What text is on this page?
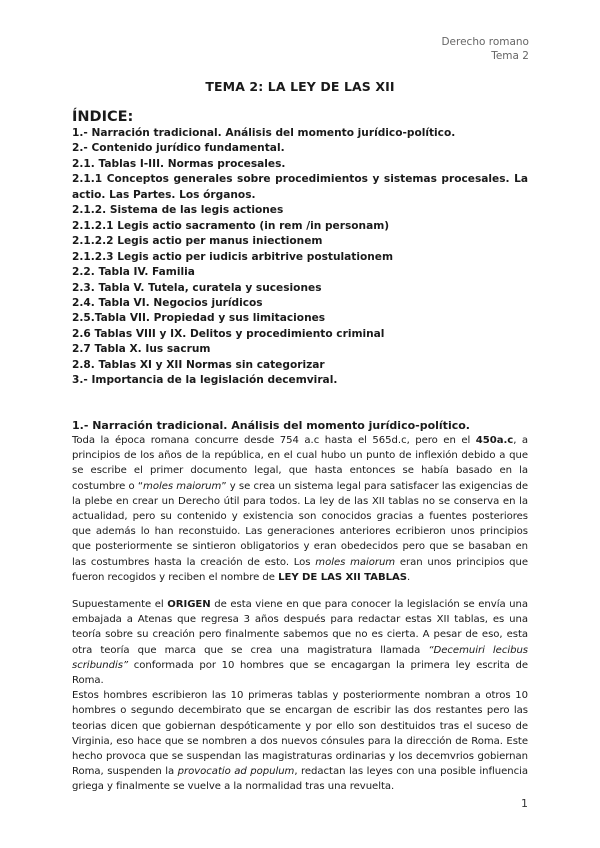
Derecho romano
Tema 2
TEMA 2: LA LEY DE LAS XII
ÍNDICE:
1.- Narración tradicional. Análisis del momento jurídico-político.
2.- Contenido jurídico fundamental.
2.1. Tablas I-III. Normas procesales.
2.1.1 Conceptos generales sobre procedimientos y sistemas procesales. La actio. Las Partes. Los órganos.
2.1.2. Sistema de las legis actiones
2.1.2.1 Legis actio sacramento (in rem /in personam)
2.1.2.2 Legis actio per manus iniectionem
2.1.2.3 Legis actio per iudicis arbitrive postulationem
2.2. Tabla IV. Familia
2.3. Tabla V. Tutela, curatela y sucesiones
2.4. Tabla VI. Negocios jurídicos
2.5.Tabla VII. Propiedad y sus limitaciones
2.6 Tablas VIII y IX. Delitos y procedimiento criminal
2.7 Tabla X. Ius sacrum
2.8. Tablas XI y XII Normas sin categorizar
3.- Importancia de la legislación decemviral.
1.- Narración tradicional. Análisis del momento jurídico-político.

Toda la época romana concurre desde 754 a.c hasta el 565d.c, pero en el 450a.c, a principios de los años de la república, en el cual hubo un punto de inflexión debido a que se escribe el primer documento legal, que hasta entonces se había basado en la costumbre o “moles maiorum” y se crea un sistema legal para satisfacer las exigencias de la plebe en crear un Derecho útil para todos. La ley de las XII tablas no se conserva en la actualidad, pero su contenido y existencia son conocidos gracias a fuentes posteriores que además lo han reconstuido. Las generaciones anteriores ecribieron unos principios que posteriormente se sintieron obligatorios y eran obedecidos pero que se basaban en las costumbres hasta la creación de esto. Los moles maiorum eran unos principios que fueron recogidos y reciben el nombre de LEY DE LAS XII TABLAS.

Supuestamente el ORIGEN de esta viene en que para conocer la legislación se envía una embajada a Atenas que regresa 3 años después para redactar estas XII tablas, es una teoría sobre su creación pero finalmente sabemos que no es cierta. A pesar de eso, esta otra teoría que marca que se crea una magistratura llamada “Decemuiri lecibus scribundis” conformada por 10 hombres que se encagargan la primera ley escrita de Roma.

Estos hombres escribieron las 10 primeras tablas y posteriormente nombran a otros 10 hombres o segundo decembirato que se encargan de escribir las dos restantes pero las teorias dicen que gobiernan despóticamente y por ello son destituidos tras el suceso de Virginia, eso hace que se nombren a dos nuevos cónsules para la dirección de Roma. Este hecho provoca que se suspendan las magistraturas ordinarias y los decemvrios gobiernan Roma, suspenden la provocatio ad populum, redactan las leyes con una posible influencia griega y finalmente se vuelve a la normalidad tras una revuelta.

1
